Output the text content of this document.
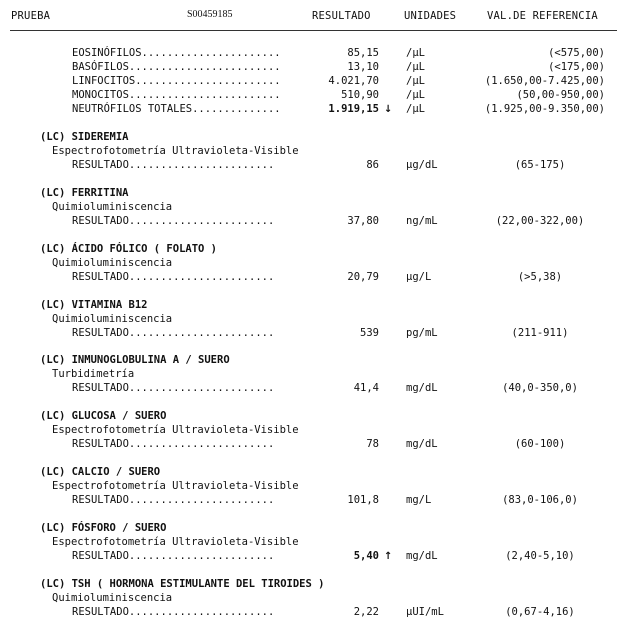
PRUEBA	S00459185	RESULTADO	UNIDADES	VAL.DE REFERENCIA
EOSINÓFILOS......................	85,15	/µL	(<575,00)
BASÓFILOS........................	13,10	/µL	(<175,00)
LINFOCITOS.......................	4.021,70	/µL	(1.650,00-7.425,00)
MONOCITOS........................	510,90	/µL	(50,00-950,00)
NEUTRÓFILOS TOTALES..............	1.919,15 ↓ /µL	(1.925,00-9.350,00)
(LC) SIDEREMIA
Espectrofotometría Ultravioleta-Visible
RESULTADO.......................	86	µg/dL	(65-175)
(LC) FERRITINA
Quimioluminiscencia
RESULTADO.......................	37,80	ng/mL	(22,00-322,00)
(LC) ÁCIDO FÓLICO ( FOLATO )
Quimioluminiscencia
RESULTADO.......................	20,79	µg/L	(>5,38)
(LC) VITAMINA B12
Quimioluminiscencia
RESULTADO.......................	539	pg/mL	(211-911)
(LC) INMUNOGLOBULINA A / SUERO
Turbidimetría
RESULTADO.......................	41,4	mg/dL	(40,0-350,0)
(LC) GLUCOSA / SUERO
Espectrofotometría Ultravioleta-Visible
RESULTADO.......................	78	mg/dL	(60-100)
(LC) CALCIO / SUERO
Espectrofotometría Ultravioleta-Visible
RESULTADO.......................	101,8	mg/L	(83,0-106,0)
(LC) FÓSFORO / SUERO
Espectrofotometría Ultravioleta-Visible
RESULTADO.......................	5,40 ↑ mg/dL	(2,40-5,10)
(LC) TSH ( HORMONA ESTIMULANTE DEL TIROIDES )
Quimioluminiscencia
RESULTADO.......................	2,22	µUI/mL	(0,67-4,16)
